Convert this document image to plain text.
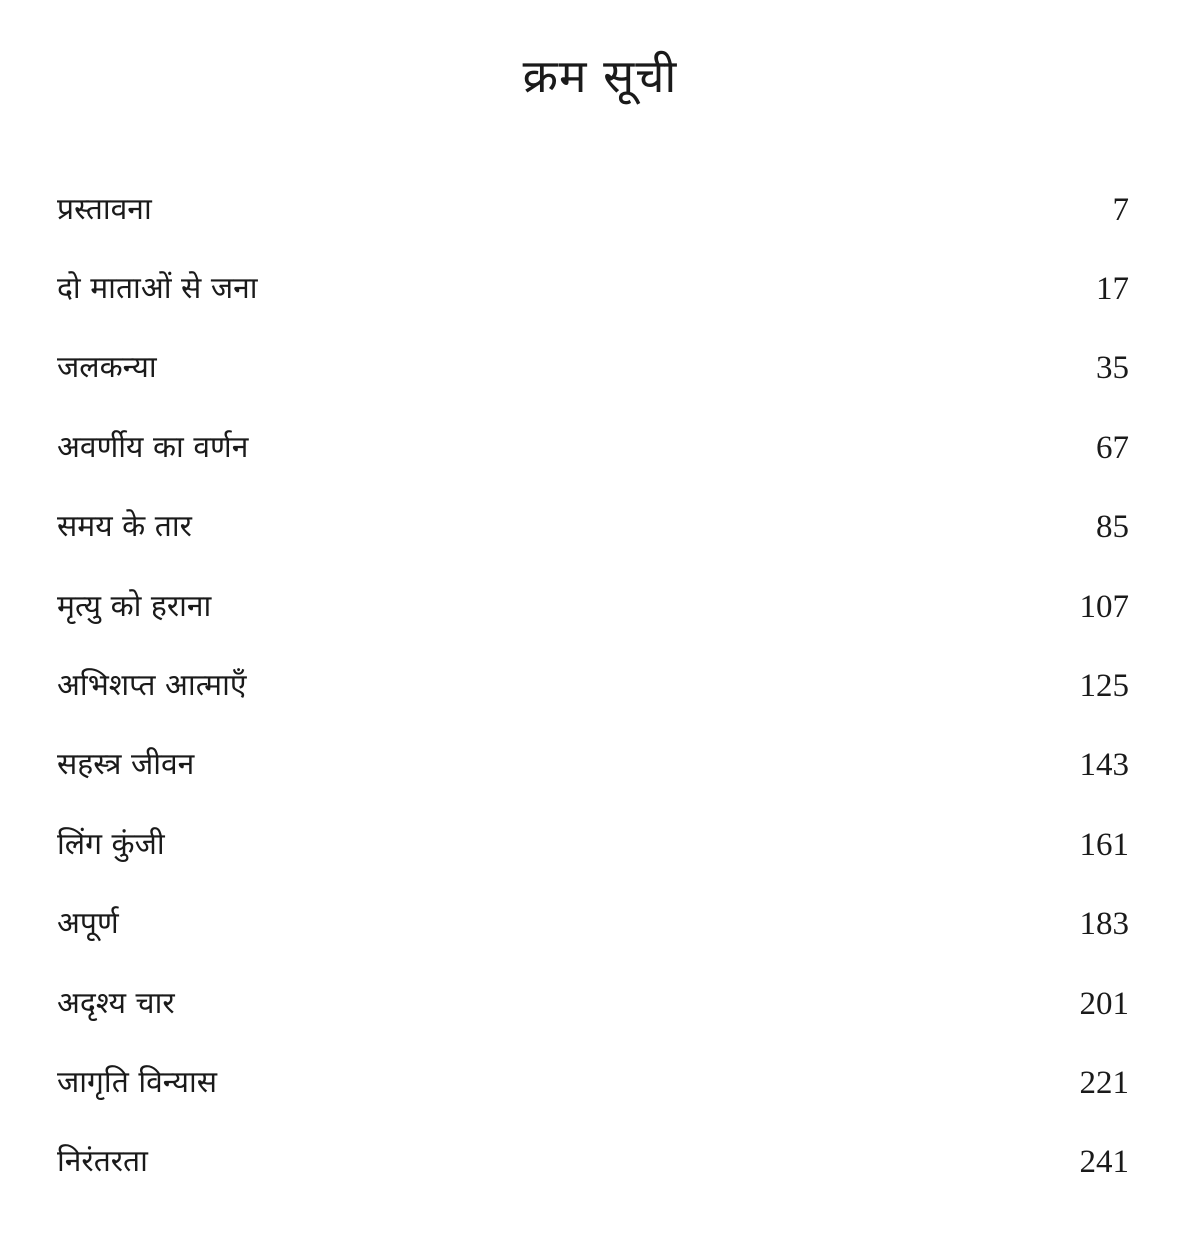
क्रम सूची
प्रस्तावना	7
दो माताओं से जना	17
जलकन्या	35
अवर्णीय का वर्णन	67
समय के तार	85
मृत्यु को हराना	107
अभिशप्त आत्माएँ	125
सहस्त्र जीवन	143
लिंग कुंजी	161
अपूर्ण	183
अदृश्य चार	201
जागृति विन्यास	221
निरंतरता	241
